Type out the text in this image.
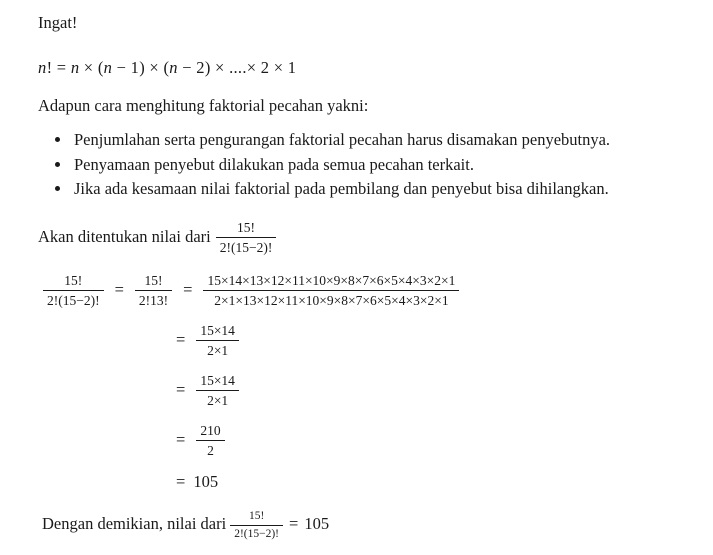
Ingat!

n! = n × (n − 1) × (n − 2) × ....× 2 × 1

Adapun cara menghitung faktorial pecahan yakni:

• Penjumlahan serta pengurangan faktorial pecahan harus disamakan penyebutnya.
• Penyamaan penyebut dilakukan pada semua pecahan terkait.
• Jika ada kesamaan nilai faktorial pada pembilang dan penyebut bisa dihilangkan.
Akan ditentukan nilai dari $\frac{15!}{2!(15-2)!}$
$\frac{15!}{2!(15-2)!} = \frac{15!}{2!13!} = \frac{15\times 14\times 13\times 12\times 11\times 10\times 9\times 8\times 7\times 6\times 5\times 4\times 3\times 2\times 1}{2\times 1\times 13\times 12\times 11\times 10\times 9\times 8\times 7\times 6\times 5\times 4\times 3\times 2\times 1}$
= $\frac{15\times 14}{2\times 1}$
= $\frac{15\times 14}{2\times 1}$
= $\frac{210}{2}$
= 105
Dengan demikian, nilai dari $\frac{15!}{2!(15-2)!} = 105$
